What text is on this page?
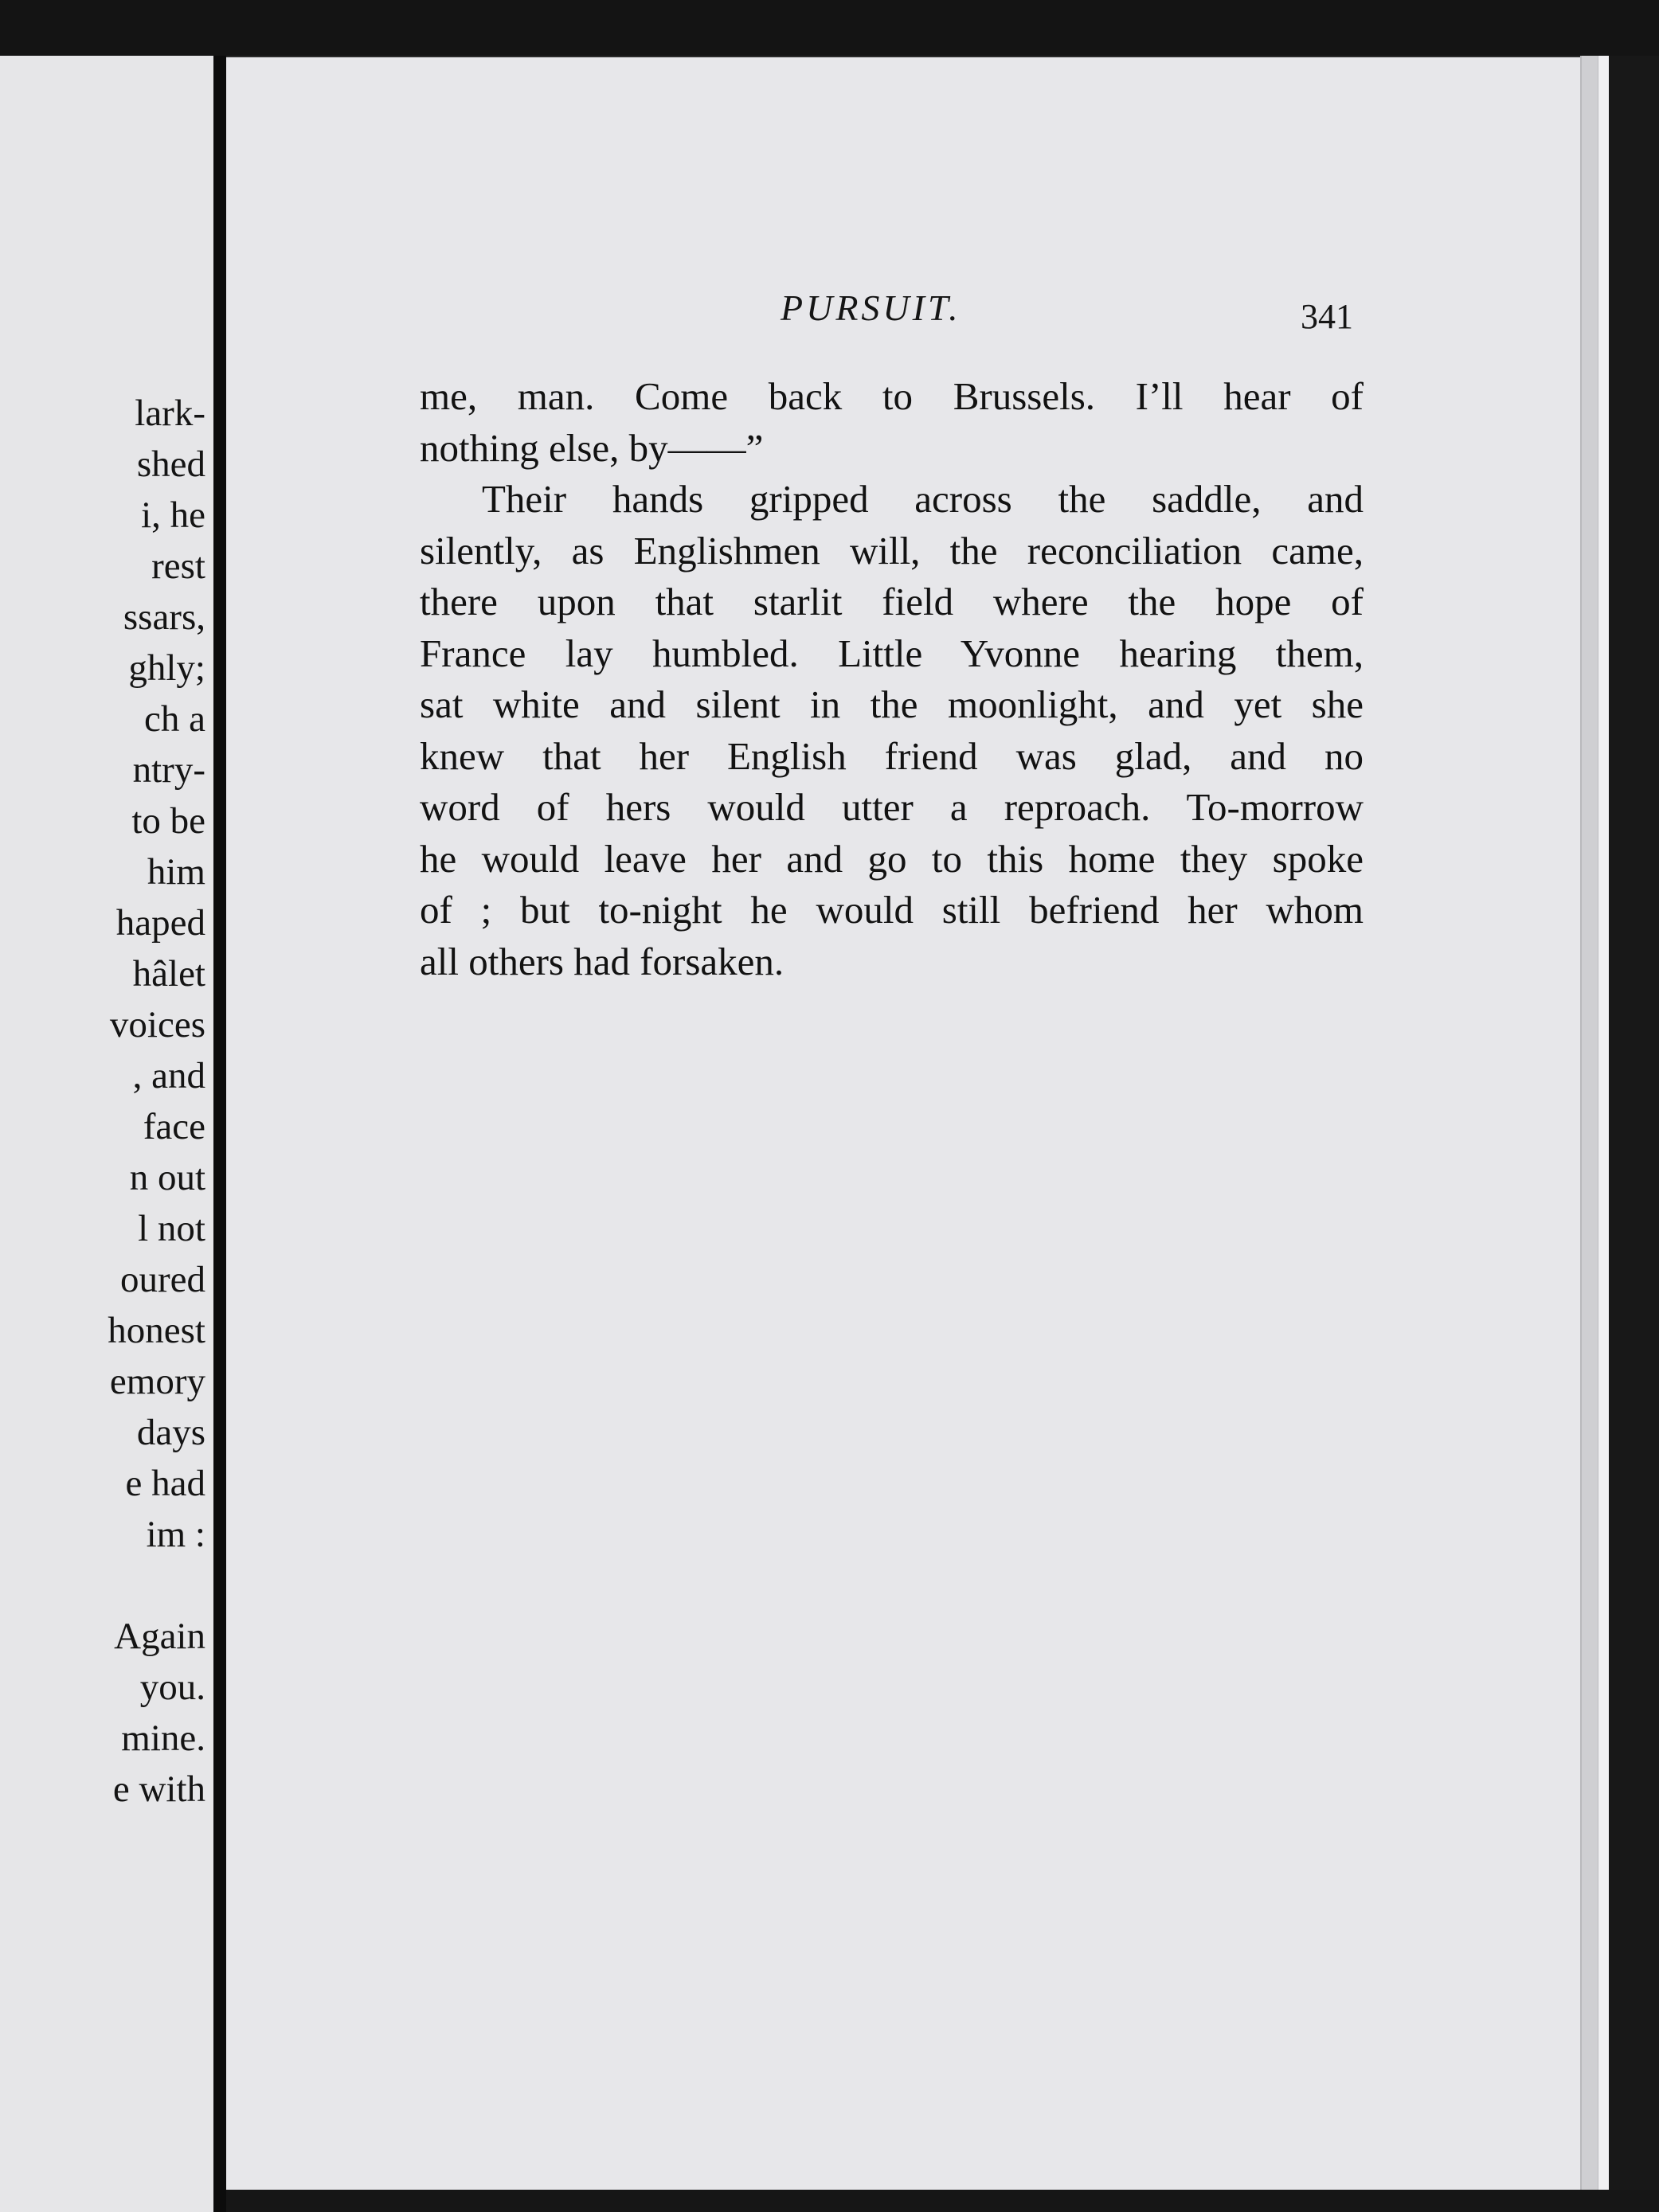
lark-
shed
i, he
rest
ssars,
ghly;
ch a
ntry-
to be
him
haped
hâlet
voices
, and
face
n out
l not
oured
honest
emory
days
e had
im :
Again
you.
mine.
e with
PURSUIT.	341
me, man. Come back to Brussels. I’ll hear of
nothing else, by——”
Their hands gripped across the saddle, and
silently, as Englishmen will, the reconciliation came,
there upon that starlit field where the hope of
France lay humbled. Little Yvonne hearing them,
sat white and silent in the moonlight, and yet she
knew that her English friend was glad, and no
word of hers would utter a reproach. To-morrow
he would leave her and go to this home they spoke
of ; but to-night he would still befriend her whom
all others had forsaken.
